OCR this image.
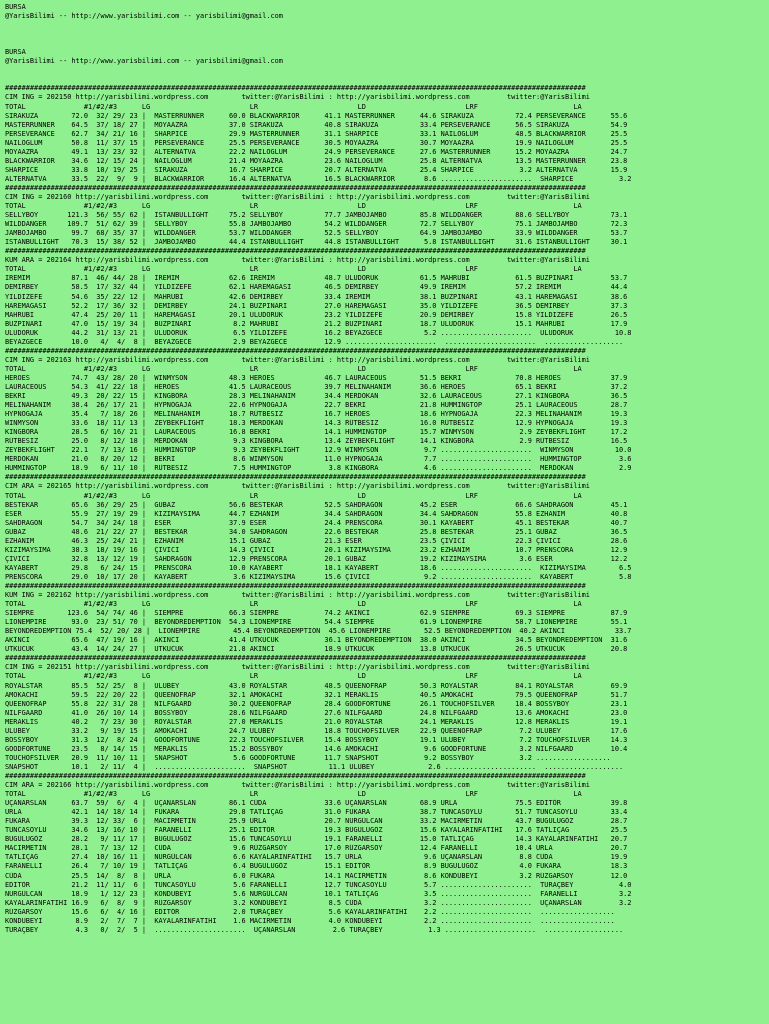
BURSA
@YarisBilimi -- http://www.yarisbilimi.com -- yarisbilimi@gmail.com
BURSA
@YarisBilimi -- http://www.yarisbilimi.com -- yarisbilimi@gmail.com
############################################################################################################################################
CIM ING = 202150 http://yarisbilimi.wordpress.com        twitter:@YarisBilimi : http://yarisbilimi.wordpress.com         twitter:@YarisBilimi
TOTAL              #1/#2/#3      LG                        LR                        LD                        LRF                       LA
SIRAKUZA        72.0  32/ 29/ 23 |  MASTERRUNNER      60.0 BLACKWARRIOR      41.1 MASTERRUNNER      44.6 SIRAKUZA          72.4 PERSEVERANCE      55.6
MASTERRUNNER    64.5  37/ 18/ 27 |  MOYAAZRA          37.0 SIRAKUZA          40.8 SIRAKUZA          33.4 PERSEVERANCE      56.5 SIRAKUZA          54.9
PERSEVERANCE    62.7  34/ 21/ 16 |  SHARPICE          29.9 MASTERRUNNER      31.1 SHARPICE          33.1 NAILOGLUM         48.5 BLACKWARRIOR      25.5
NAILOGLUM       50.8  11/ 37/ 15 |  PERSEVERANCE      25.5 PERSEVERANCE      30.5 MOYAAZRA          30.7 MOYAAZRA          19.9 NAILOGLUM         25.5
MOYAAZRA        49.1  13/ 23/ 32 |  ALTERNATVA        22.2 NAILOGLUM         24.9 PERSEVERANCE      27.6 MASTERRUNNER      15.2 MOYAAZRA          24.7
BLACKWARRIOR    34.6  12/ 15/ 24 |  NAILOGLUM         21.4 MOYAAZRA          23.6 NAILOGLUM         25.8 ALTERNATVA        13.5 MASTERRUNNER      23.8
SHARPICE        33.8  10/ 19/ 25 |  SIRAKUZA          16.7 SHARPICE          20.7 ALTERNATVA        25.4 SHARPICE           3.2 ALTERNATVA        15.9
ALTERNATVA      33.5  22/  9/  9 |  BLACKWARRIOR      16.4 ALTERNATVA        16.5 BLACKWARRIOR       8.6 ......................  SHARPICE           3.2
############################################################################################################################################
CIM ING = 202160 http://yarisbilimi.wordpress.com        twitter:@YarisBilimi : http://yarisbilimi.wordpress.com         twitter:@YarisBilimi
TOTAL              #1/#2/#3      LG                        LR                        LD                        LRF                       LA
SELLYBOY       121.3  56/ 55/ 62 |  ISTANBULLIGHT     75.2 SELLYBOY          77.7 JAMBOJAMBO        85.8 WILDDANGER        88.6 SELLYBOY          73.1
WILDDANGER     109.7  51/ 62/ 39 |  SELLYBOY          55.8 JAMBOJAMBO        54.2 WILDDANGER        72.7 SELLYBOY          75.1 JAMBOJAMBO        72.3
JAMBOJAMBO      99.7  68/ 35/ 37 |  WILDDANGER        53.7 WILDDANGER        52.5 SELLYBOY          64.9 JAMBOJAMBO        33.9 WILDDANGER        53.7
ISTANBULLIGHT   70.3  15/ 38/ 52 |  JAMBOJAMBO        44.4 ISTANBULLIGHT     44.8 ISTANBULLIGHT      5.8 ISTANBULLIGHT     31.6 ISTANBULLIGHT     30.1
############################################################################################################################################
KUM ARA = 202164 http://yarisbilimi.wordpress.com        twitter:@YarisBilimi : http://yarisbilimi.wordpress.com         twitter:@YarisBilimi
TOTAL              #1/#2/#3      LG                        LR                        LD                        LRF                       LA
IREMIM          87.1  46/ 44/ 28 |  IREMIM            62.6 IREMIM            48.7 ULUDORUK          61.5 MAHRUBI           61.5 BUZPINARI         53.7
DEMIRBEY        58.5  17/ 32/ 44 |  YILDIZEFE         62.1 HAREMAGASI        46.5 DEMIRBEY          49.9 IREMIM            57.2 IREMIM            44.4
YILDIZEFE       54.6  35/ 22/ 12 |  MAHRUBI           42.6 DEMIRBEY          33.4 IREMIM            38.1 BUZPINARI         43.1 HAREMAGASI        38.6
HAREMAGASI      52.2  17/ 36/ 32 |  DEMIRBEY          24.1 BUZPINARI         27.0 HAREMAGASI        35.0 YILDIZEFE         36.5 DEMIRBEY          37.3
MAHRUBI         47.4  25/ 20/ 11 |  HAREMAGASI        20.1 ULUDORUK          23.2 YILDIZEFE         20.9 DEMIRBEY          15.8 YILDIZEFE         26.5
BUZPINARI       47.0  15/ 19/ 34 |  BUZPINARI          8.2 MAHRUBI           21.2 BUZPINARI         18.7 ULUDORUK          15.1 MAHRUBI           17.9
ULUDORUK        44.2  31/ 13/ 21 |  ULUDORUK           6.5 YILDIZEFE         16.2 BEYAZGECE          5.2 ......................  ULUDORUK          10.8
BEYAZGECE       10.0   4/  4/  8 |  BEYAZGECE          2.9 BEYAZGECE         12.9 ......................  ......................  ...................
############################################################################################################################################
CIM ING = 202163 http://yarisbilimi.wordpress.com        twitter:@YarisBilimi : http://yarisbilimi.wordpress.com         twitter:@YarisBilimi
TOTAL              #1/#2/#3      LG                        LR                        LD                        LRF                       LA
HEROES          74.7  43/ 28/ 20 |  WINMYSON          48.3 HEROES            46.7 LAURACEOUS        51.5 BEKRI             70.8 HEROES            37.9
LAURACEOUS      54.3  41/ 22/ 18 |  HEROES            41.5 LAURACEOUS        39.7 MELINAHANIM       36.6 HEROES            65.1 BEKRI             37.2
BEKRI           49.3  20/ 22/ 15 |  KINGBORA          28.3 MELINAHANIM       34.4 MERDOKAN          32.6 LAURACEOUS        27.1 KINGBORA          36.5
MELINAHANIM     38.4  26/ 17/ 21 |  HYPNOGAJA         22.6 HYPNOGAJA         22.7 BEKRI             21.8 HUMMINGTOP        25.1 LAURACEOUS        28.7
HYPNOGAJA       35.4   7/ 18/ 26 |  MELINAHANIM       18.7 RÜTBESIZ          16.7 HEROES            18.6 HYPNOGAJA         22.3 MELINAHANIM       19.3
WINMYSON        33.6  18/ 11/ 13 |  ZEYBEKFLIGHT      18.3 MERDOKAN          14.3 RÜTBESIZ          16.0 RÜTBESIZ          12.9 HYPNOGAJA         19.3
KINGBORA        28.5   6/ 16/ 21 |  LAURACEOUS        16.8 BEKRI             14.1 HUMMINGTOP        15.7 WINMYSON           2.9 ZEYBEKFLIGHT      17.2
RÜTBESIZ        25.0   8/ 12/ 18 |  MERDOKAN           9.3 KINGBORA          13.4 ZEYBEKFLIGHT      14.1 KINGBORA           2.9 RÜTBESIZ          16.5
ZEYBEKFLIGHT    22.1   7/ 13/ 16 |  HUMMINGTOP         9.3 ZEYBEKFLIGHT      12.9 WINMYSON           9.7 ......................  WINMYSON          10.0
MERDOKAN        21.0   8/ 20/ 12 |  BEKRI              8.6 WINMYSON          11.0 HYPNOGAJA          7.7 ......................  HUMMINGTOP         3.6
HUMMINGTOP      18.9   6/ 11/ 10 |  RÜTBESIZ           7.5 HUMMINGTOP         3.8 KINGBORA           4.6 ......................  MERDOKAN           2.9
############################################################################################################################################
CIM ARA = 202165 http://yarisbilimi.wordpress.com        twitter:@YarisBilimi : http://yarisbilimi.wordpress.com         twitter:@YarisBilimi
TOTAL              #1/#2/#3      LG                        LR                        LD                        LRF                       LA
BESTEKAR        65.6  36/ 29/ 25 |  GUBAZ             56.6 BESTEKAR          52.5 SAHDRAGON         45.2 ESER              66.6 SAHDRAGON         45.1
ESER            55.9  27/ 19/ 29 |  KIZIMAYSIMA       44.7 EZHANIM           34.4 SAHDRAGON         34.4 SAHDRAGON         55.8 EZHANIM           40.8
SAHDRAGON       54.7  34/ 24/ 18 |  ESER              37.9 ESER              24.4 PRENSCORA         30.1 KAYABERT          45.1 BESTEKAR          40.7
GUBAZ           48.6  21/ 22/ 27 |  BESTEKAR          34.0 SAHDRAGON         22.6 BESTEKAR          25.8 BESTEKAR          25.1 GUBAZ             36.5
EZHANIM         46.3  25/ 24/ 21 |  EZHANIM           15.1 GUBAZ             21.3 ESER              23.5 ÇIVICI            22.3 ÇIVICI            28.6
KIZIMAYSIMA     38.3  18/ 19/ 16 |  ÇIVICI            14.3 ÇIVICI            20.1 KIZIMAYSIMA       23.2 EZHANIM           10.7 PRENSCORA         12.9
ÇIVICI          32.8  13/ 12/ 19 |  SAHDRAGON         12.9 PRENSCORA         20.1 GUBAZ             19.2 KIZIMAYSIMA        3.6 ESER              12.2
KAYABERT        29.8   6/ 24/ 15 |  PRENSCORA         10.0 KAYABERT          18.1 KAYABERT          18.6 ......................  KIZIMAYSIMA        6.5
PRENSCORA       29.0  10/ 17/ 20 |  KAYABERT           3.6 KIZIMAYSIMA       15.6 ÇIVICI             9.2 ......................  KAYABERT           5.8
############################################################################################################################################
KUM ING = 202162 http://yarisbilimi.wordpress.com        twitter:@YarisBilimi : http://yarisbilimi.wordpress.com         twitter:@YarisBilimi
TOTAL              #1/#2/#3      LG                        LR                        LD                        LRF                       LA
SIEMPRE        123.6  54/ 74/ 46 |  SIEMPRE           66.3 SIEMPRE           74.2 AKINCI            62.9 SIEMPRE           69.3 SIEMPRE           87.9
LIONEMPIRE      93.0  23/ 51/ 70 |  BEYONDREDEMPTION  54.3 LIONEMPIRE        54.4 SIEMPRE           61.9 LIONEMPIRE        58.7 LIONEMPIRE        55.1
BEYONDREDEMPTION 75.4  52/ 20/ 28 |  LIONEMPIRE        45.4 BEYONDREDEMPTION  45.6 LIONEMPIRE        52.5 BEYONDREDEMPTION  40.2 AKINCI            33.7
AKINCI          65.6  47/ 19/ 16 |  AKINCI            41.4 UTKUCUK           36.1 BEYONDREDEMPTION  38.0 AKINCI            34.5 BEYONDREDEMPTION  31.6
UTKUCUK         43.4  14/ 24/ 27 |  UTKUCUK           21.8 AKINCI            18.9 UTKUCUK           13.8 UTKUCUK           26.5 UTKUCUK           20.8
############################################################################################################################################
CIM ING = 202151 http://yarisbilimi.wordpress.com        twitter:@YarisBilimi : http://yarisbilimi.wordpress.com         twitter:@YarisBilimi
TOTAL              #1/#2/#3      LG                        LR                        LD                        LRF                       LA
ROYALSTAR       85.5  52/ 25/  8 |  ULUBEY            43.0 ROYALSTAR         48.5 QUEENOFRAP        50.3 ROYALSTAR         84.1 ROYALSTAR         69.9
AMOKACHI        59.5  22/ 20/ 22 |  QUEENOFRAP        32.1 AMOKACHI          32.1 MERAKLIS          40.5 AMOKACHI          79.5 QUEENOFRAP        51.7
QUEENOFRAP      55.8  22/ 31/ 28 |  NILFGAARD         30.2 QUEENOFRAP        28.4 GOODFORTUNE       26.1 TOUCHOFSILVER     18.4 BOSSYBOY          23.1
NILFGAARD       41.0  26/ 10/ 14 |  BOSSYBOY          28.6 NILFGAARD         27.6 NILFGAARD         24.8 NILFGAARD         13.6 AMOKACHI          23.0
MERAKLIS        40.2   7/ 23/ 30 |  ROYALSTAR         27.0 MERAKLIS          21.0 ROYALSTAR         24.1 MERAKLIS          12.8 MERAKLIS          19.1
ULUBEY          33.2   9/ 19/ 15 |  AMOKACHI          24.7 ULUBEY            18.8 TOUCHOFSILVER     22.9 QUEENOFRAP         7.2 ULUBEY            17.6
BOSSYBOY        31.3  12/  8/ 24 |  GOODFORTUNE       22.3 TOUCHOFSILVER     15.4 BOSSYBOY          19.1 ULUBEY             7.2 TOUCHOFSILVER     14.3
GOODFORTUNE     23.5   8/ 14/ 15 |  MERAKLIS          15.2 BOSSYBOY          14.6 AMOKACHI           9.6 GOODFORTUNE        3.2 NILFGAARD         10.4
TOUCHOFSILVER   20.9  11/ 10/ 11 |  SNAPSHOT           5.6 GOODFORTUNE       11.7 SNAPSHOT           9.2 BOSSYBOY           3.2 ..................
SNAPSHOT        10.1   2/ 11/  4 |  ......................  SNAPSHOT          11.1 ULUBEY             2.6 ......................  ...................
############################################################################################################################################
CIM ARA = 202166 http://yarisbilimi.wordpress.com        twitter:@YarisBilimi : http://yarisbilimi.wordpress.com         twitter:@YarisBilimi
TOTAL              #1/#2/#3      LG                        LR                        LD                        LRF                       LA
UÇANARSLAN      63.7  59/  6/  4 |  UÇANARSLAN        86.1 CÜDA              33.6 UÇANARSLAN        68.9 URLA              75.5 EDITÖR            39.8
URLA            42.1  14/ 18/ 14 |  FUKARA            29.8 TATLIÇAG          31.0 FUKARA            38.7 TUNCASOYLU        51.7 TUNCASOYLU        33.4
FUKARA          39.3  12/ 33/  6 |  MACIRMETIN        25.9 URLA              20.7 NURGÜLCAN         33.2 MACIRMETIN        43.7 BUGULUGÖZ         28.7
TUNCASOYLU      34.6  13/ 16/ 10 |  FARANELLI         25.1 EDITÖR            19.3 BUGULUGÖZ         15.6 KAYALARINFATIHI   17.6 TATLIÇAG          25.5
BUGULUGÖZ       28.2   9/ 11/ 17 |  BUGULUGÖZ         15.6 TUNCASOYLU        19.1 FARANELLI         15.0 TATLIÇAG          14.3 KAYALARINFATIHI   20.7
MACIRMETIN      28.1   7/ 13/ 12 |  CÜDA               9.6 RÜZGARSOY         17.0 RÜZGARSOY         12.4 FARANELLI         10.4 URLA              20.7
TATLIÇAG        27.4  10/ 16/ 11 |  NURGÜLCAN          6.6 KAYALARINFATIHI   15.7 URLA               9.6 UÇANARSLAN         8.8 CÜDA              19.9
FARANELLI       26.4   7/ 10/ 19 |  TATLIÇAG           6.4 BUGULUGÖZ         15.1 EDITÖR             8.9 BUGULUGÖZ          4.0 FUKARA            18.3
CÜDA            25.5  14/  8/  8 |  URLA               6.0 FUKARA            14.1 MACIRMETIN         8.6 KONDUBEYI          3.2 RÜZGARSOY         12.0
EDITÖR          21.2  11/ 11/  6 |  TUNCASOYLU         5.6 FARANELLI         12.7 TUNCASOYLU         5.7 ......................  TURAÇBEY           4.0
NURGÜLCAN       18.9   1/ 12/ 23 |  KONDUBEYI          5.6 NURGÜLCAN         10.1 TATLIÇAG           3.5 ......................  FARANELLI          3.2
KAYALARINFATIHI 16.9   6/  8/  9 |  RÜZGARSOY          3.2 KONDUBEYI          8.5 CÜDA               3.2 ......................  UÇANARSLAN         3.2
RÜZGARSOY       15.6   6/  4/ 16 |  EDITÖR             2.0 TURAÇBEY           5.6 KAYALARINFATIHI    2.2 ......................  ..................
KONDUBEYI        8.9   2/  7/  7 |  KAYALARINFATIHI    1.6 MACIRMETIN         4.0 KONDUBEYI          2.2 ......................  ..................
TURAÇBEY         4.3   0/  2/  5 |  ......................  UÇANARSLAN         2.6 TURAÇBEY           1.3 ......................  ...................
